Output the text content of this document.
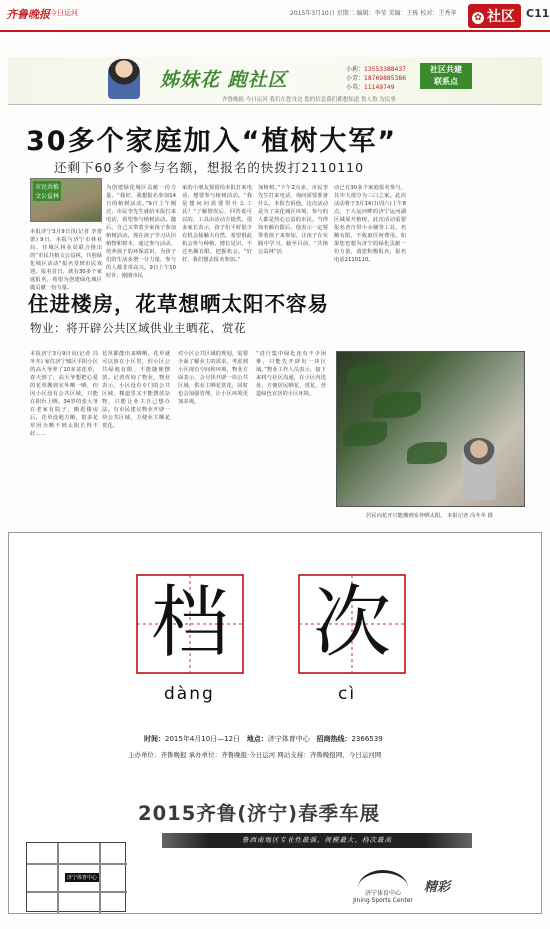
齐鲁晚报 今日运河	2015年3月10日 星期二 编辑：李莹 美编：王栋 校对：王秀华	✿ 社区	C11
姊妹花 跑社区	小莉：13553388437
小芳：18769885386
小英：11149749
社区共建
联系点
齐鲁晚报·今日运河 我们在您身边 您的信息我们都想知道 鲁人鲁 为民事
30多个家庭加入“植树大军”
还剩下60多个参与名额，想报名的快拨打2110110
市民共植
文公益林
本报济宁3月9日讯(记者 李蕾蕾) 9日，本报与济宁市林业局、任城区林业局联合推出的“市民共植文公益林，共创绿化城区活动”报名受到市民欢迎。报名首日，就有30多个家庭报名，希望为创建绿化城区做贡献一份力量。
为创建绿化城区贡献一份力量。“我好，我想报名参加14日的植树活动。”9日上午刚过，市民李先生就给本报打来电话，希望参与植树活动。随后，自己又带着全家孩子参加植树活动。现在孩子学习认识植物和树木，通过参与活动，培养孩子的环保意识，为孩子们的生活多增一分力量，参与的人都非常高兴。9日上午10时许，刚刚市民
家的小朋友预留给本报打来电话，想要参与植树活动。“我是想问问需要带什么工具？”了解情况后，回答说可以的，工具由活动方提供。很多家长表示，孩子们平时很少有机会接触大自然，希望借此机会参与种植，增长见识，不过名额有限，把握机会。“好好，我们想去报名参加。”
加植树。”下午2点多，市民李先生打来电话，询问需要准备什么，本报告诉他，这次活动是为了美化城区环境，参与的人都是热心公益的市民。当得知名额有限后，他表示一定要带着孩子来参加，让孩子在实践中学习。截至目前，“共植公益林”活
动已有30多个家庭报名参与，其中大部分为三口之家。此次活动将于3月14日(周六)上午8点，于大运河畔的济宁运河湖区域展开植树，此次活动需要报名者自带小水桶等工具，名额有限，不收取任何费用。如果您也想为济宁的绿化贡献一份力量，请您积极报名，报名电话2110110。
住进楼房，花草想晒太阳不容易
物业：将开辟公共区域供业主晒花、赏花
本报济宁3月9日讯(记者 冯冬冬) 家住济宁城区平阳小区的高大爷养了10多盆花草，春天到了，高大爷想把心爱的花草搬到室外晒一晒，但因小区没有公共区域，只能在阳台上晒。34岁的张大爷在老家有院子，搬进楼房后，花草没地方晒，很多花草因为晒不到太阳长得不好……
花草都能出来晒晒，花草就可以放在小区里，但小区公共绿地有限，不能随便摆放。记者咨询了物业，物业表示，小区没有专门的公共区域，楼道里又不能摆放杂物，只能让业主自己想办法。有市民建议物业开辟一块公共区域，方便业主晒花赏花。
对小区公共区域的规划，需要全面了解业主的需求，考虑到小区现有空间和环境，物业方面表示，会尽快开辟一块公共区域，供业主晒花赏花，同时也会加强管理，让小区环境更加美观。
“进行集中绿化还有不少困难，只能先开辟出一块区域。”物业工作人员表示，接下来将与社区沟通，在小区内选址，方便居民晒花、赏花，营造绿色宜居的小区环境。
居民向花开只能搬到室外晒太阳。 本报记者 冯冬冬 摄
档 次
dàng	cì
时间：2015年4月10日—12日 地点：济宁体育中心 招商热线：2366539
主办单位：齐鲁晚报 承办单位：齐鲁晚报·今日运河 网站支持：齐鲁晚报网、今日运河网
2015齐鲁(济宁)春季车展
鲁西南地区专业性最强、规模最大、档次最高
济宁体育中心
济宁体育中心
Jining Sports Center
精彩
